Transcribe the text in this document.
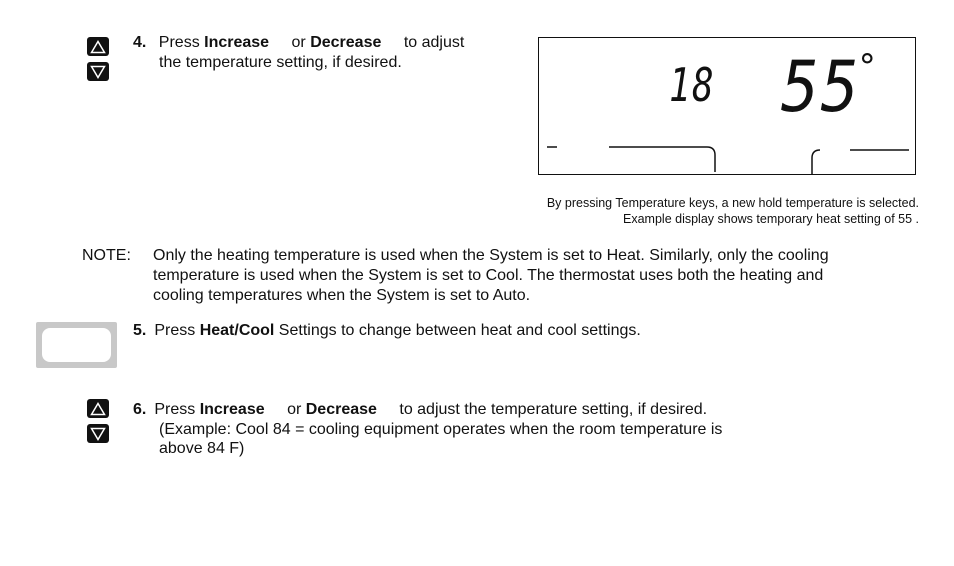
4. Press Increase or Decrease to adjust
the temperature setting, if desired.	18 55
°
By pressing Temperature keys, a new hold temperature is selected.
Example display shows temporary heat setting of 55 .
NOTE: Only the heating temperature is used when the System is set to Heat. Similarly, only the cooling
temperature is used when the System is set to Cool. The thermostat uses both the heating and
cooling temperatures when the System is set to Auto.
5. Press Heat/Cool Settings to change between heat and cool settings.
6. Press Increase or Decrease to adjust the temperature setting, if desired.
(Example: Cool 84 = cooling equipment operates when the room temperature is
above 84 F)
